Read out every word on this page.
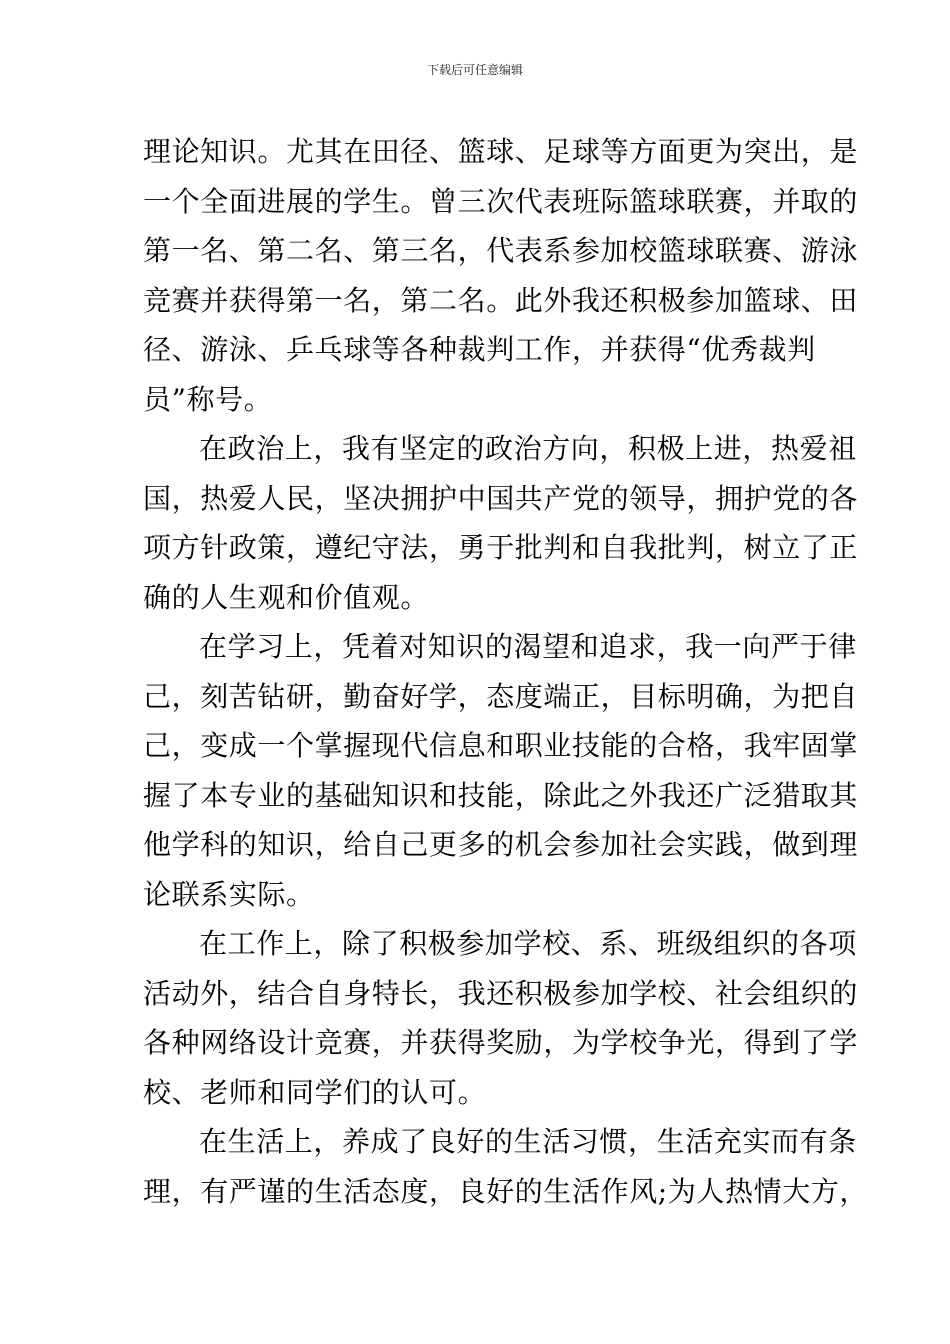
下载后可任意编辑
理论知识。尤其在田径、篮球、足球等方面更为突出，是
一个全面进展的学生。曾三次代表班际篮球联赛，并取的
第一名、第二名、第三名，代表系参加校篮球联赛、游泳
竞赛并获得第一名，第二名。此外我还积极参加篮球、田
径、游泳、乒乓球等各种裁判工作，并获得“优秀裁判
员”称号。
在政治上，我有坚定的政治方向，积极上进，热爱祖
国，热爱人民，坚决拥护中国共产党的领导，拥护党的各
项方针政策，遵纪守法，勇于批判和自我批判，树立了正
确的人生观和价值观。
在学习上，凭着对知识的渴望和追求，我一向严于律
己，刻苦钻研，勤奋好学，态度端正，目标明确，为把自
己，变成一个掌握现代信息和职业技能的合格，我牢固掌
握了本专业的基础知识和技能，除此之外我还广泛猎取其
他学科的知识，给自己更多的机会参加社会实践，做到理
论联系实际。
在工作上，除了积极参加学校、系、班级组织的各项
活动外，结合自身特长，我还积极参加学校、社会组织的
各种网络设计竞赛，并获得奖励，为学校争光，得到了学
校、老师和同学们的认可。
在生活上，养成了良好的生活习惯，生活充实而有条
理，有严谨的生活态度，良好的生活作风;为人热情大方，
